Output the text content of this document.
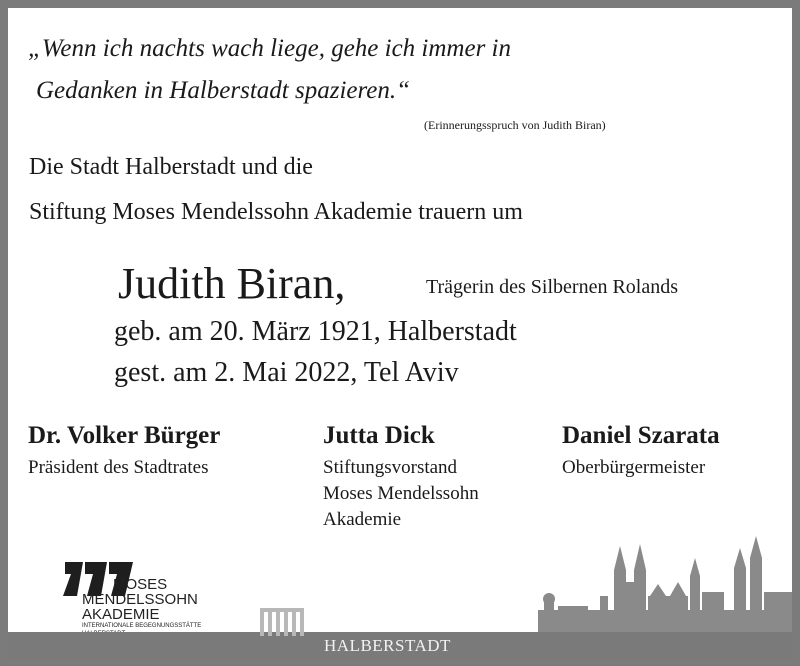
„Wenn ich nachts wach liege, gehe ich immer in
Gedanken in Halberstadt spazieren.“
(Erinnerungsspruch von Judith Biran)
Die Stadt Halberstadt und die
Stiftung Moses Mendelssohn Akademie trauern um
Judith Biran,	Trägerin des Silbernen Rolands
geb. am 20. März 1921, Halberstadt
gest. am 2. Mai 2022, Tel Aviv
Dr. Volker Bürger
Präsident des Stadtrates
Jutta Dick
Stiftungsvorstand
Moses Mendelssohn
Akademie
Daniel Szarata
Oberbürgermeister
MOSES
MENDELSSOHN
AKADEMIE
INTERNATIONALE BEGEGNUNGSSTÄTTE
HALBERSTADT
